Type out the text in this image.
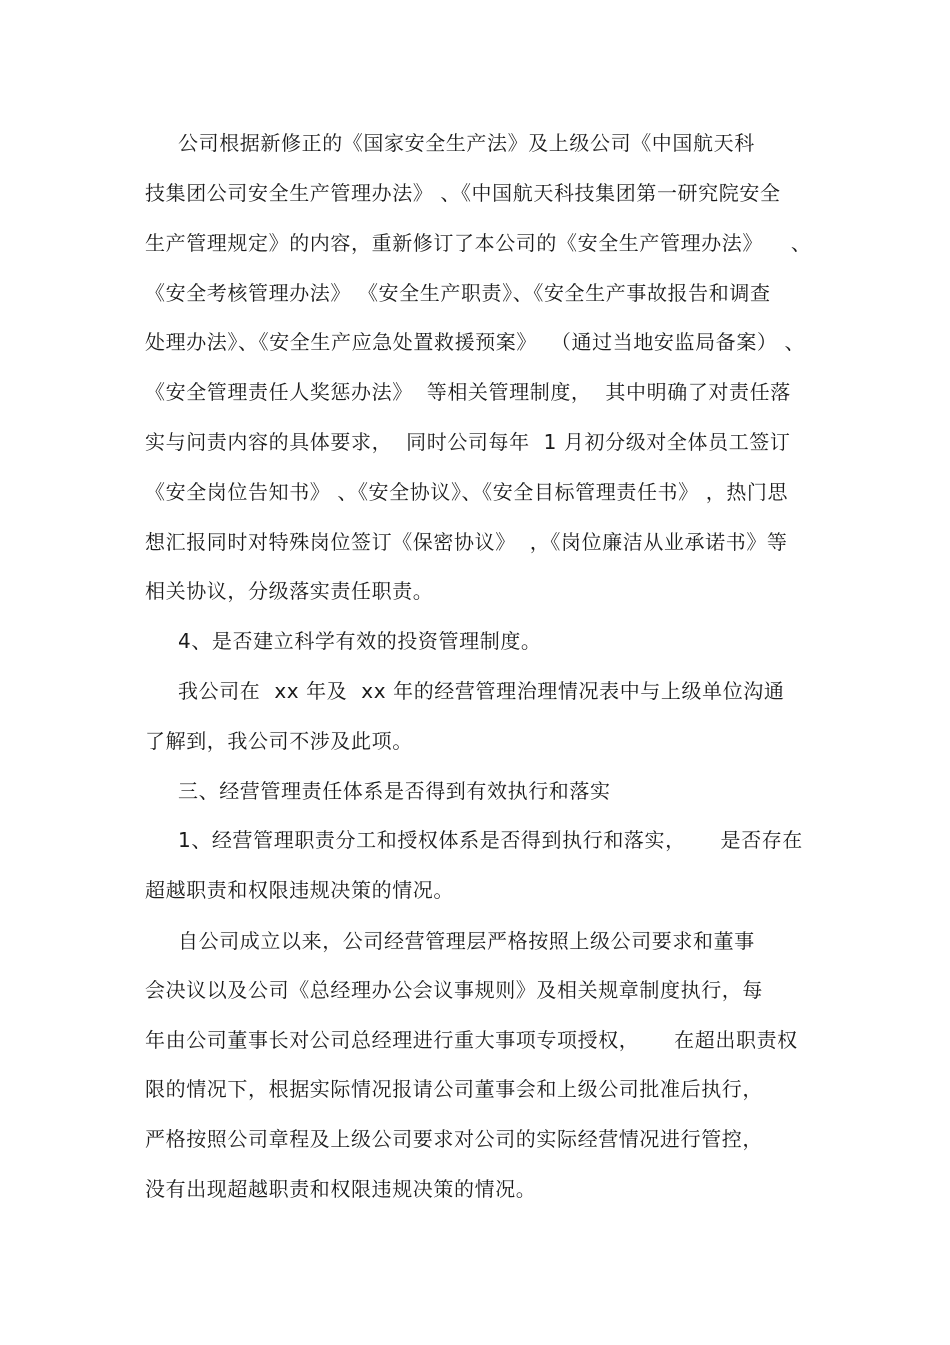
公司根据新修正的《国家安全生产法》及上级公司《中国航天科

技集团公司安全生产管理办法》 、《中国航天科技集团第一研究院安全

生产管理规定》的内容，重新修订了本公司的《安全生产管理办法》    、

《安全考核管理办法》 《安全生产职责》、《安全生产事故报告和调查

处理办法》、《安全生产应急处置救援预案》  （通过当地安监局备案） 、

《安全管理责任人奖惩办法》  等相关管理制度，  其中明确了对责任落

实与问责内容的具体要求，  同时公司每年  1 月初分级对全体员工签订

《安全岗位告知书》 、《安全协议》、《安全目标管理责任书》 ，热门思

想汇报同时对特殊岗位签订《保密协议》  ，《岗位廉洁从业承诺书》等

相关协议，分级落实责任职责。

4、是否建立科学有效的投资管理制度。

我公司在  xx 年及  xx 年的经营管理治理情况表中与上级单位沟通

了解到，我公司不涉及此项。

三、经营管理责任体系是否得到有效执行和落实

1、经营管理职责分工和授权体系是否得到执行和落实，     是否存在

超越职责和权限违规决策的情况。

自公司成立以来，公司经营管理层严格按照上级公司要求和董事

会决议以及公司《总经理办公会议事规则》及相关规章制度执行，每

年由公司董事长对公司总经理进行重大事项专项授权，     在超出职责权

限的情况下，根据实际情况报请公司董事会和上级公司批准后执行，

严格按照公司章程及上级公司要求对公司的实际经营情况进行管控，

没有出现超越职责和权限违规决策的情况。
